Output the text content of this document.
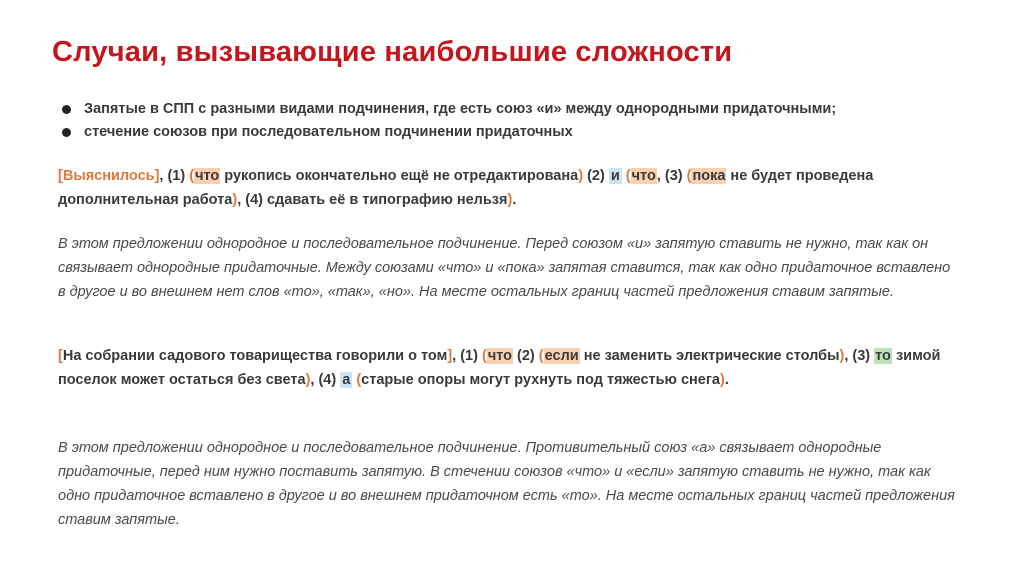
Случаи, вызывающие наибольшие сложности
Запятые в СПП с разными видами подчинения, где есть союз «и» между однородными придаточными;
стечение союзов при последовательном подчинении придаточных
[Выяснилось], (1) (что рукопись окончательно ещё не отредактирована) (2) и (что, (3) (пока не будет проведена дополнительная работа), (4) сдавать её в типографию нельзя).
В этом предложении однородное и последовательное подчинение. Перед союзом «и» запятую ставить не нужно, так как он связывает однородные придаточные. Между союзами «что» и «пока» запятая ставится, так как одно придаточное вставлено в другое и во внешнем нет слов «то», «так», «но». На месте остальных границ частей предложения ставим запятые.
[На собрании садового товарищества говорили о том], (1) (что (2) (если не заменить электрические столбы), (3) то зимой поселок может остаться без света), (4) а (старые опоры могут рухнуть под тяжестью снега).
В этом предложении однородное и последовательное подчинение. Противительный союз «а» связывает однородные придаточные, перед ним нужно поставить запятую. В стечении союзов «что» и «если» запятую ставить не нужно, так как одно придаточное вставлено в другое и во внешнем придаточном есть «то». На месте остальных границ частей предложения ставим запятые.
